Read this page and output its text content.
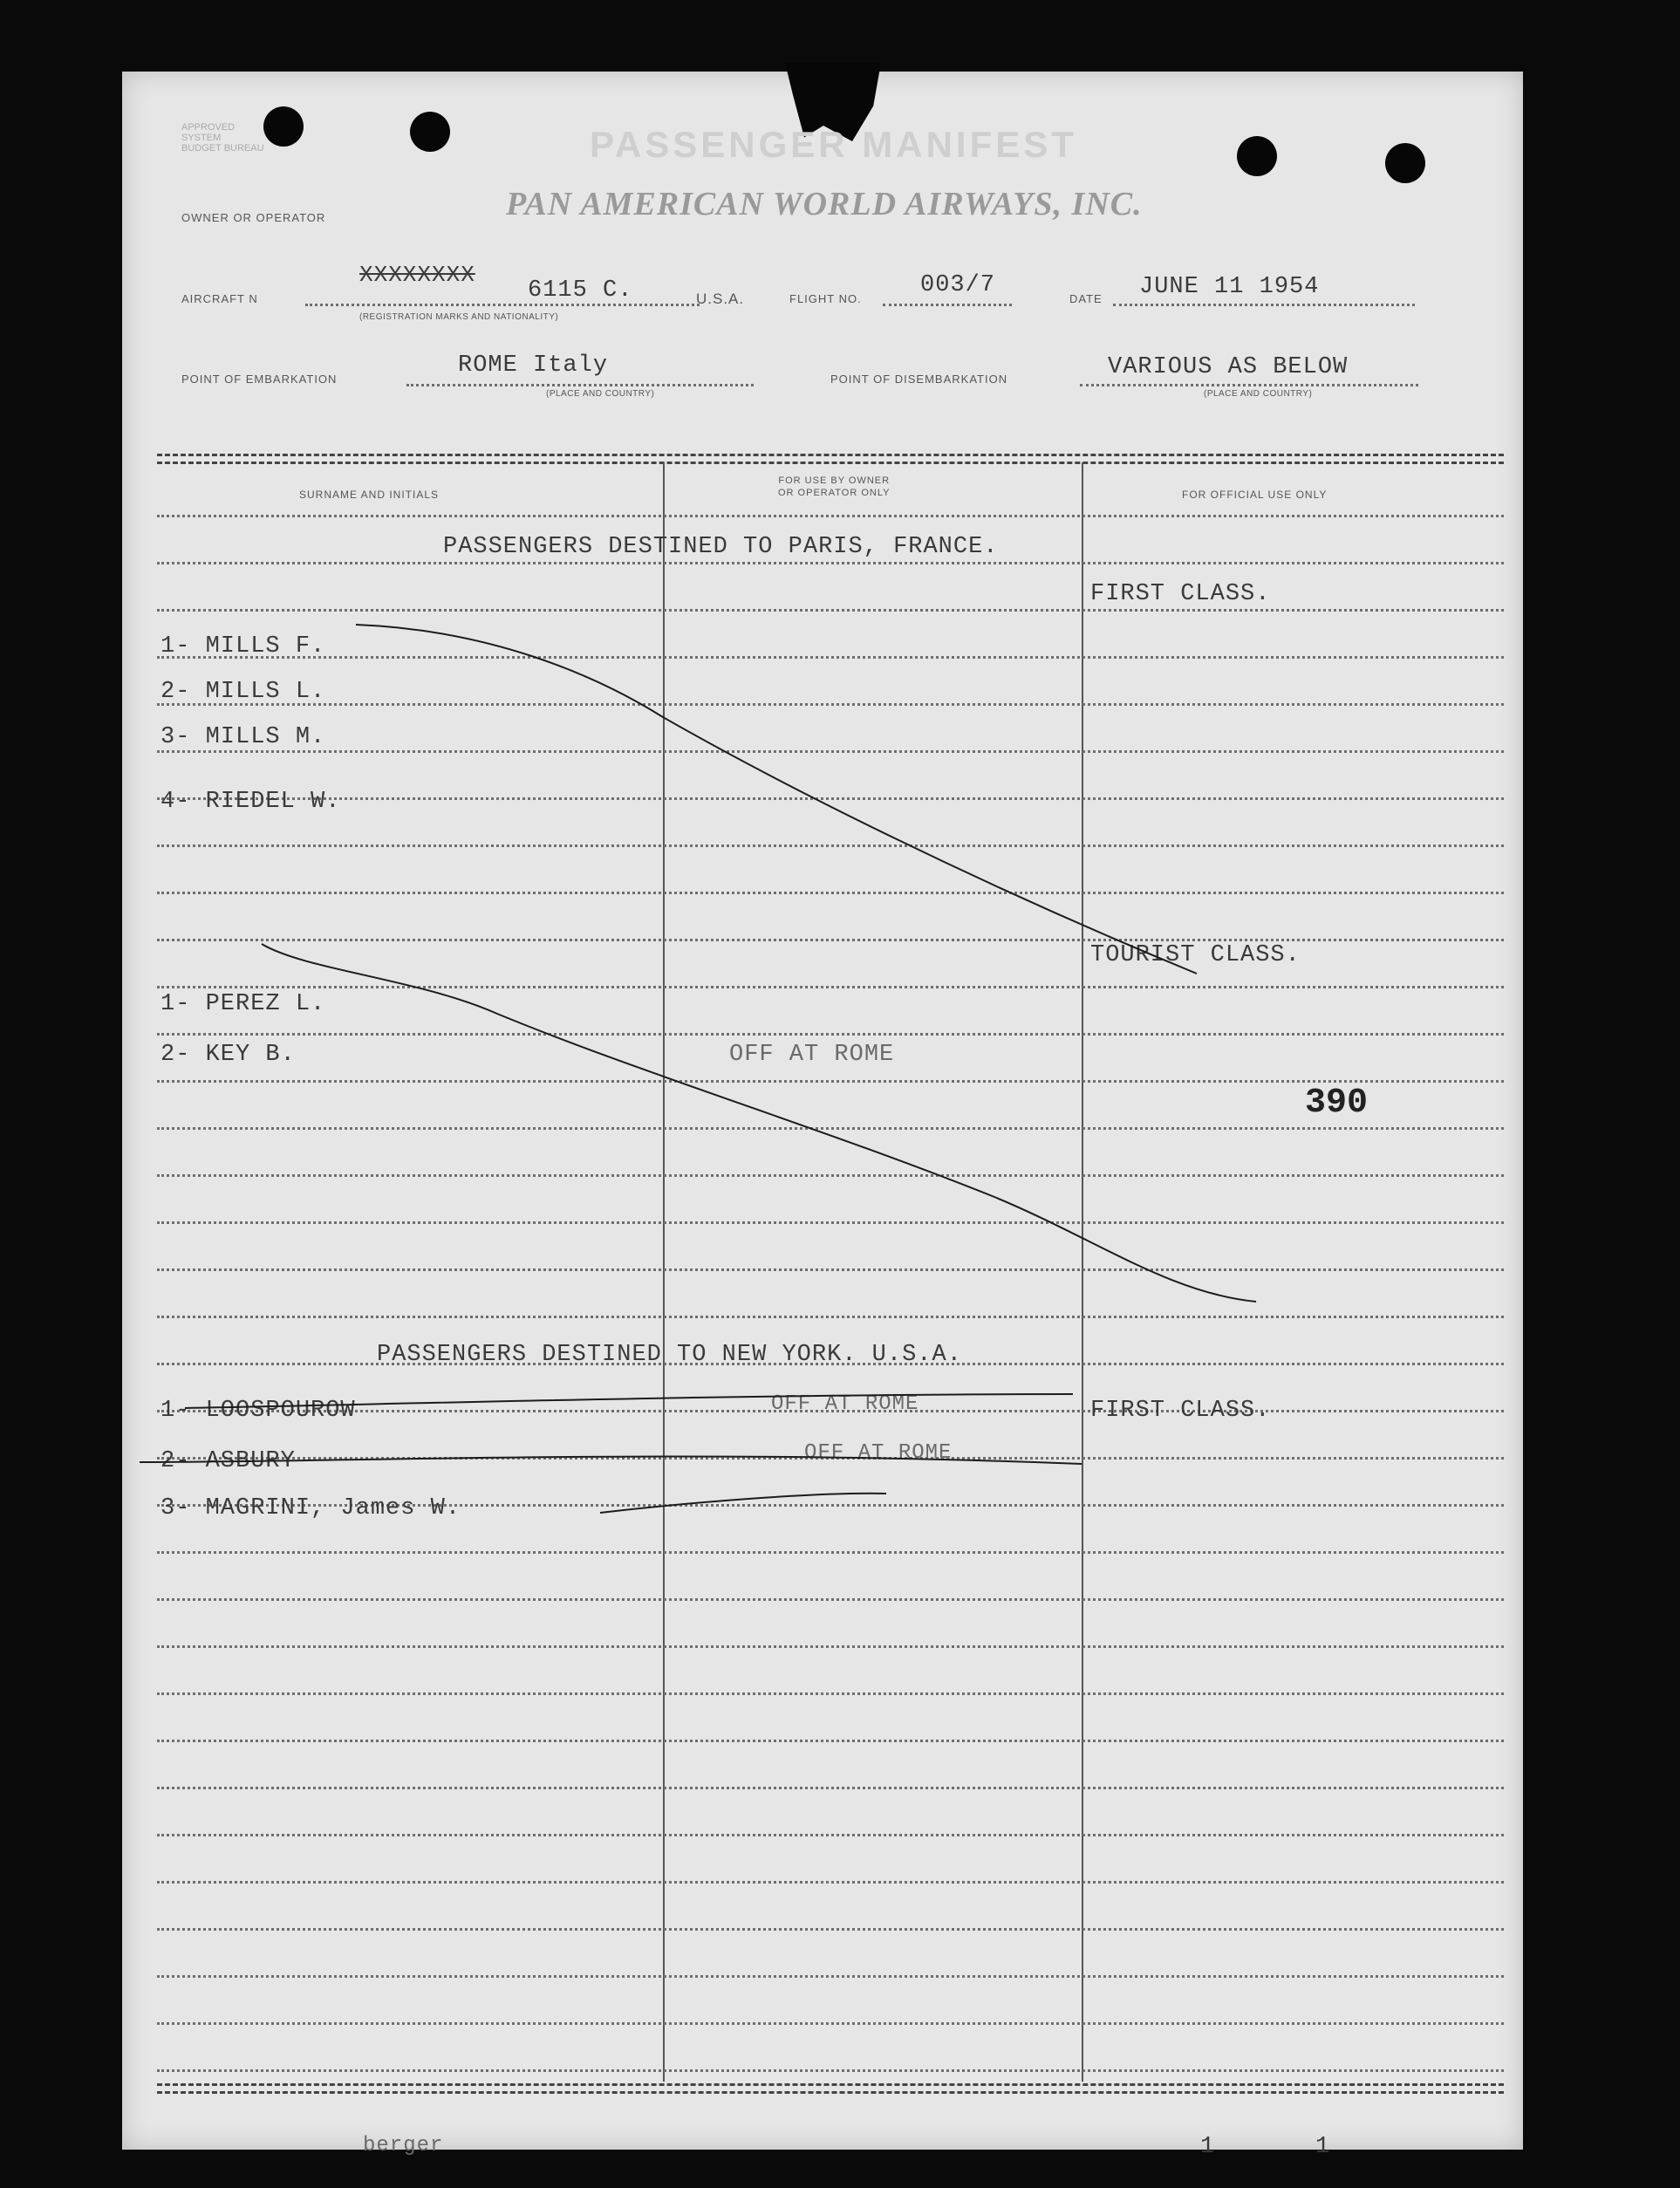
APPROVED
SYSTEM
BUDGET BUREAU	PASSENGER MANIFEST
OWNER OR OPERATOR	PAN AMERICAN WORLD AIRWAYS, INC.
AIRCRAFT N
XXXXXXXX
6115 C.
(REGISTRATION MARKS AND NATIONALITY)
U.S.A.	FLIGHT NO.
003/7
DATE JUNE 11 1954
POINT OF EMBARKATION
ROME Italy
(PLACE AND COUNTRY)
POINT OF DISEMBARKATION	VARIOUS AS BELOW
(PLACE AND COUNTRY)
SURNAME AND INITIALS
FOR USE BY OWNER
OR OPERATOR ONLY	FOR OFFICIAL USE ONLY
PASSENGERS DESTINED TO PARIS, FRANCE.
FIRST CLASS.
1- MILLS F.
2- MILLS L.
3- MILLS M.
4- RIEDEL W.
TOURIST CLASS.
1- PEREZ L.
2- KEY B.	OFF AT ROME
390
PASSENGERS DESTINED TO NEW YORK. U.S.A.
1- LOOSPOUROW	OFF AT ROME	FIRST CLASS.
2- ASBURY	OFF AT ROME
3- MAGRINI, James W.
berger	1	1
